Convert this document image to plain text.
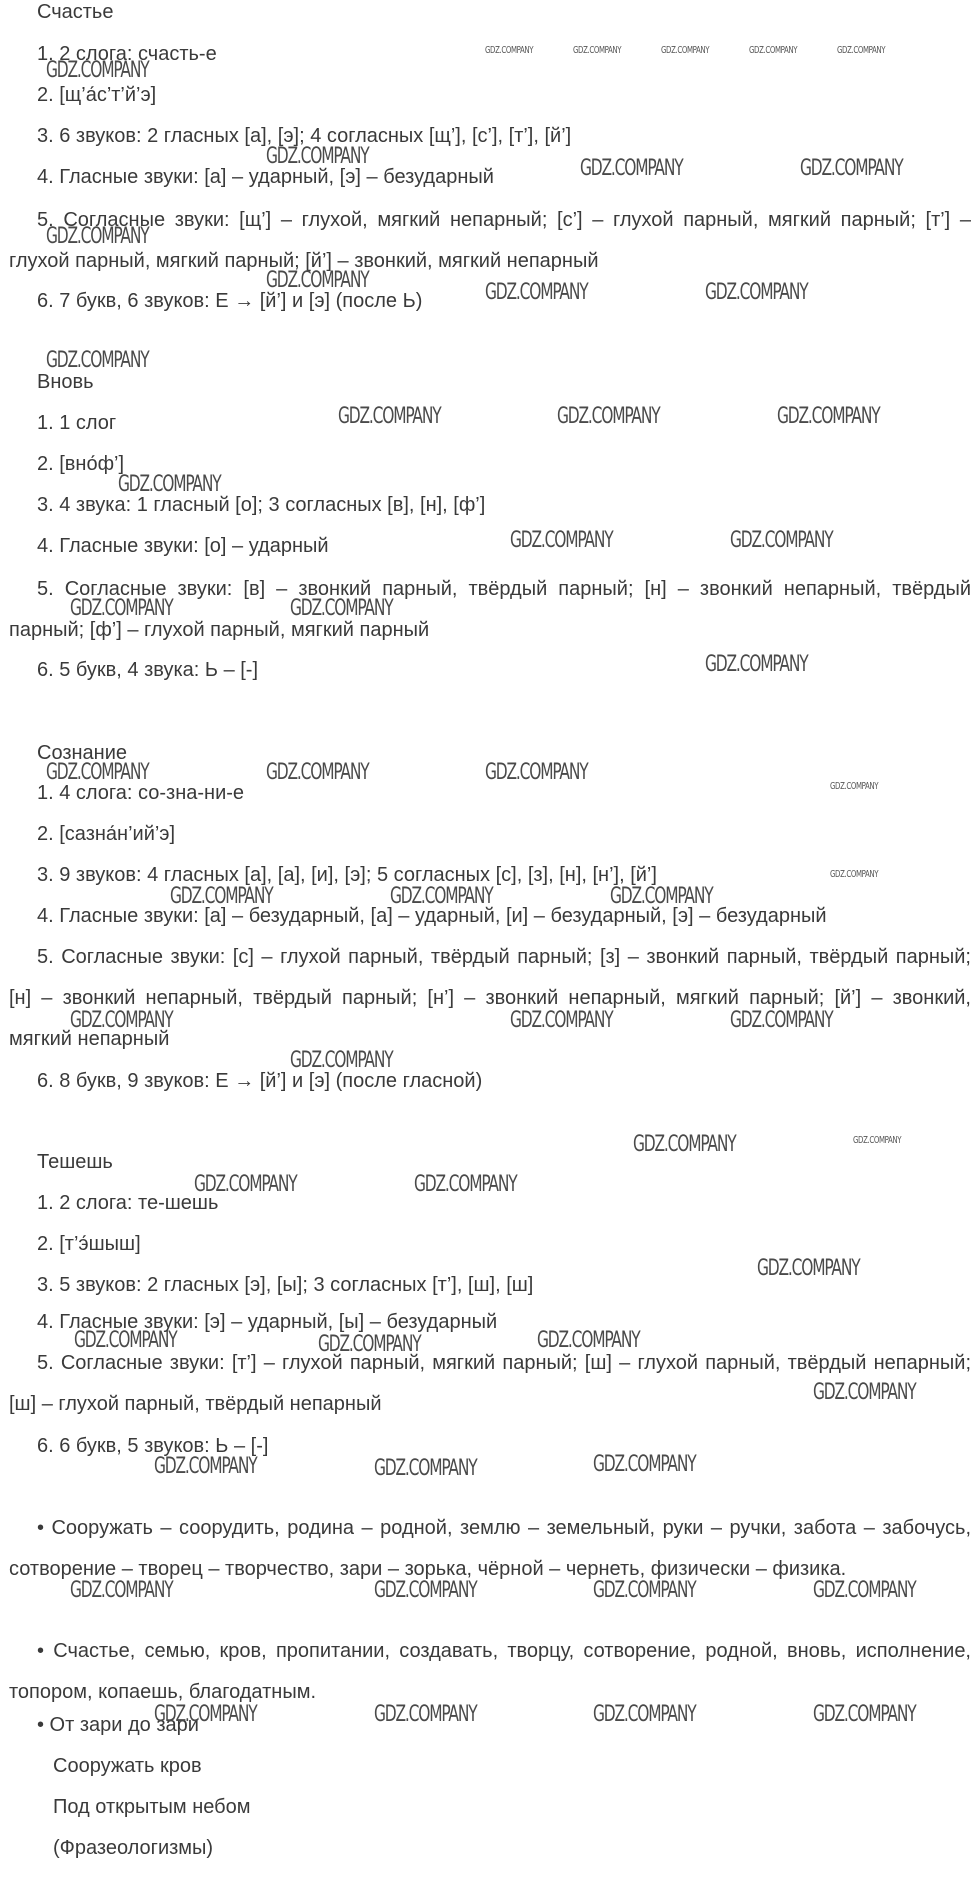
Счастье
1. 2 слога: счасть-е
2. [щ’а́с’т’й’э]
3. 6 звуков: 2 гласных [а], [э]; 4 согласных [щ’], [с’], [т’], [й’]
4. Гласные звуки: [а] – ударный, [э] – безударный
5. Согласные звуки: [щ’] – глухой, мягкий непарный; [с’] – глухой парный, мягкий парный; [т’] – глухой парный, мягкий парный; [й’] – звонкий, мягкий непарный
6. 7 букв, 6 звуков: Е → [й’] и [э] (после Ь)
Вновь
1. 1 слог
2. [вно́ф’]
3. 4 звука: 1 гласный [о]; 3 согласных [в], [н], [ф’]
4. Гласные звуки: [о] – ударный
5. Согласные звуки: [в] – звонкий парный, твёрдый парный; [н] – звонкий непарный, твёрдый парный; [ф’] – глухой парный, мягкий парный
6. 5 букв, 4 звука: Ь – [-]
Сознание
1. 4 слога: со-зна-ни-е
2. [сазна́н’ий’э]
3. 9 звуков: 4 гласных [а], [а], [и], [э]; 5 согласных [с], [з], [н], [н’], [й’]
4. Гласные звуки: [а] – безударный, [а] – ударный, [и] – безударный, [э] – безударный
5. Согласные звуки: [с] – глухой парный, твёрдый парный; [з] – звонкий парный, твёрдый парный; [н] – звонкий непарный, твёрдый парный; [н’] – звонкий непарный, мягкий парный; [й’] – звонкий, мягкий непарный
6. 8 букв, 9 звуков: Е → [й’] и [э] (после гласной)
Тешешь
1. 2 слога: те-шешь
2. [т’э́шыш]
3. 5 звуков: 2 гласных [э], [ы]; 3 согласных [т’], [ш], [ш]
4. Гласные звуки: [э] – ударный, [ы] – безударный
5. Согласные звуки: [т’] – глухой парный, мягкий парный; [ш] – глухой парный, твёрдый непарный; [ш] – глухой парный, твёрдый непарный
6. 6 букв, 5 звуков: Ь – [-]
• Сооружать – соорудить, родина – родной, землю – земельный, руки – ручки, забота – забочусь, сотворение – творец – творчество, зари – зорька, чёрной – чернеть, физически – физика.
• Счастье, семью, кров, пропитании, создавать, творцу, сотворение, родной, вновь, исполнение, топором, копаешь, благодатным.
• От зари до зари
Сооружать кров
Под открытым небом
(Фразеологизмы)
GDZ.COMPANY
GDZ.COMPANY	GDZ.COMPANY	GDZ.COMPANY	GDZ.COMPANY	GDZ.COMPANY
GDZ.COMPANY	GDZ.COMPANY	GDZ.COMPANY
GDZ.COMPANY
GDZ.COMPANY	GDZ.COMPANY	GDZ.COMPANY
GDZ.COMPANY
GDZ.COMPANY	GDZ.COMPANY	GDZ.COMPANY
GDZ.COMPANY
GDZ.COMPANY	GDZ.COMPANY
GDZ.COMPANY	GDZ.COMPANY
GDZ.COMPANY
GDZ.COMPANY	GDZ.COMPANY	GDZ.COMPANY
GDZ.COMPANY
GDZ.COMPANY
GDZ.COMPANY	GDZ.COMPANY	GDZ.COMPANY
GDZ.COMPANY	GDZ.COMPANY	GDZ.COMPANY
GDZ.COMPANY
GDZ.COMPANY	GDZ.COMPANY
GDZ.COMPANY	GDZ.COMPANY
GDZ.COMPANY
GDZ.COMPANY	GDZ.COMPANY	GDZ.COMPANY
GDZ.COMPANY
GDZ.COMPANY	GDZ.COMPANY	GDZ.COMPANY
GDZ.COMPANY	GDZ.COMPANY	GDZ.COMPANY	GDZ.COMPANY
GDZ.COMPANY	GDZ.COMPANY	GDZ.COMPANY	GDZ.COMPANY
